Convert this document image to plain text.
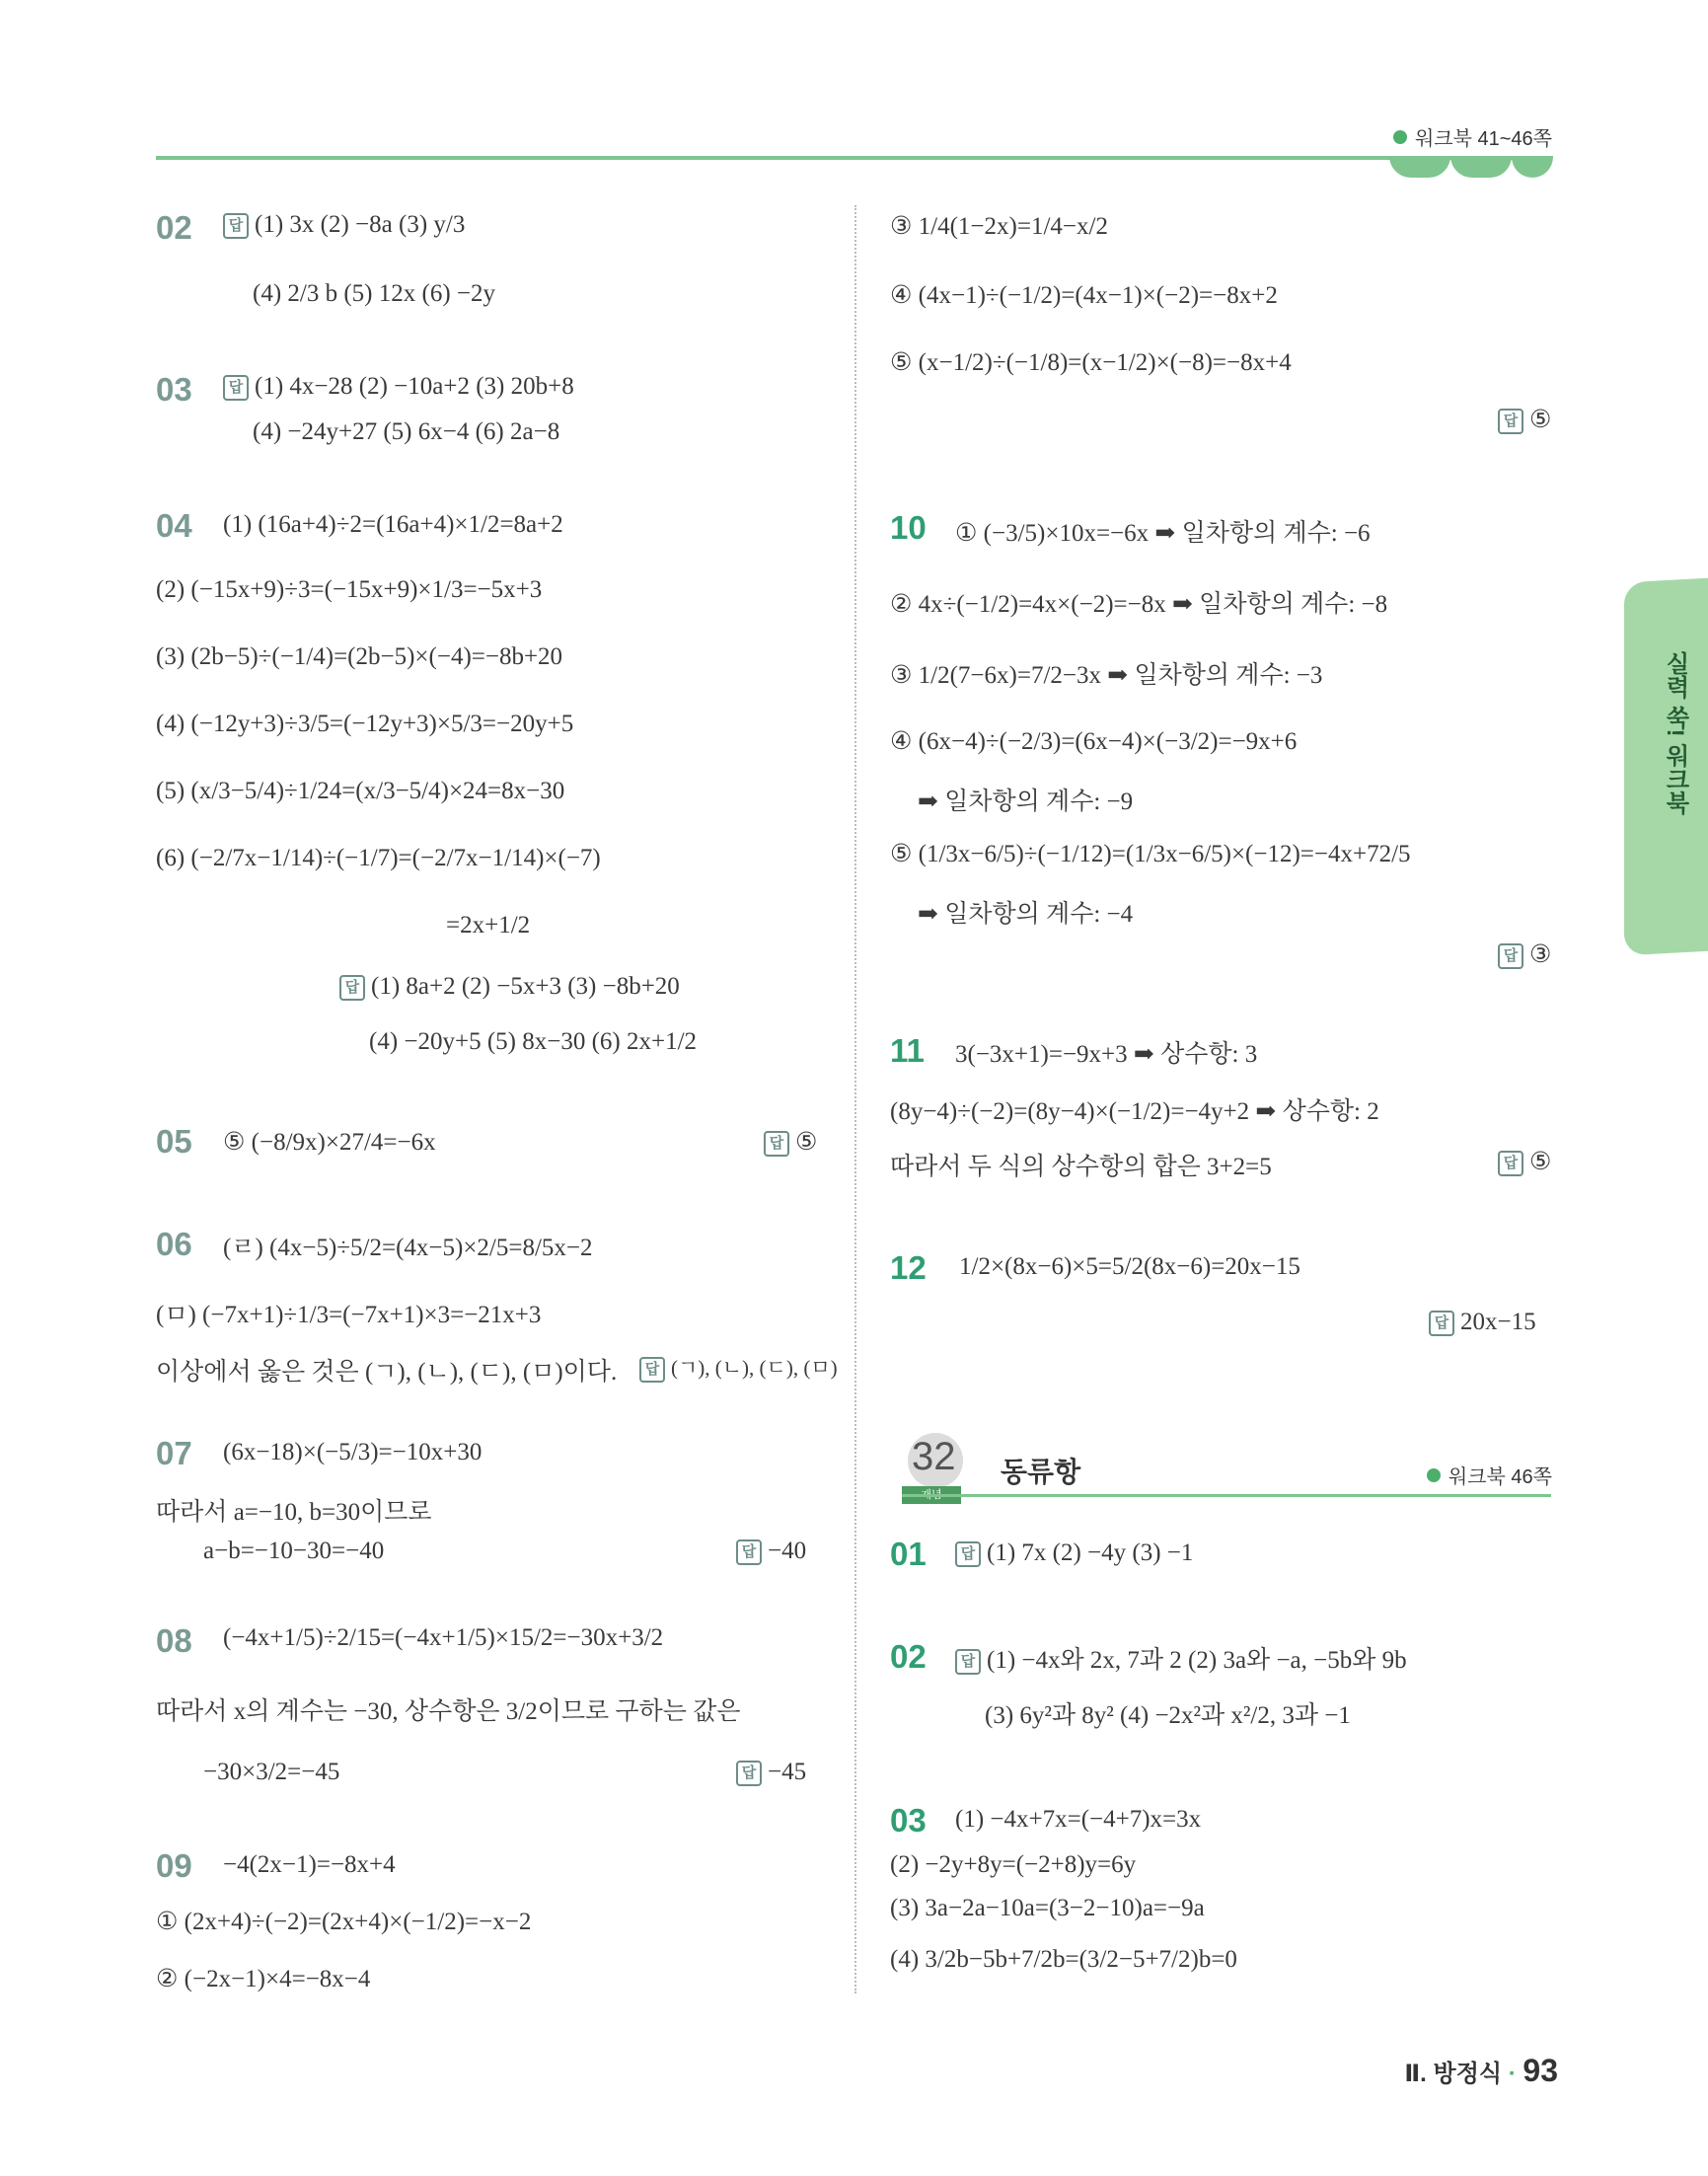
워크북 41~46쪽
실력 쑥! 워크북
02	답 (1) 3x (2) −8a (3) y/3
(4) 2/3 b (5) 12x (6) −2y
03	답 (1) 4x−28 (2) −10a+2 (3) 20b+8
(4) −24y+27 (5) 6x−4 (6) 2a−8
04 (1) (16a+4)÷2=(16a+4)×1/2=8a+2
(2) (−15x+9)÷3=(−15x+9)×1/3=−5x+3
(3) (2b−5)÷(−1/4)=(2b−5)×(−4)=−8b+20
(4) (−12y+3)÷3/5=(−12y+3)×5/3=−20y+5
(5) (x/3−5/4)÷1/24=(x/3−5/4)×24=8x−30
(6) (−2/7x−1/14)÷(−1/7)=(−2/7x−1/14)×(−7)
=2x+1/2
답 (1) 8a+2 (2) −5x+3 (3) −8b+20
(4) −20y+5 (5) 8x−30 (6) 2x+1/2
05 ⑤ (−8/9x)×27/4=−6x	답 ⑤
06 (ㄹ) (4x−5)÷5/2=(4x−5)×2/5=8/5x−2
(ㅁ) (−7x+1)÷1/3=(−7x+1)×3=−21x+3
이상에서 옳은 것은 (ㄱ), (ㄴ), (ㄷ), (ㅁ)이다.	답 (ㄱ), (ㄴ), (ㄷ), (ㅁ)
07 (6x−18)×(−5/3)=−10x+30
따라서 a=−10, b=30이므로
a−b=−10−30=−40	답 −40
08 (−4x+1/5)÷2/15=(−4x+1/5)×15/2=−30x+3/2
따라서 x의 계수는 −30, 상수항은 3/2이므로 구하는 값은
−30×3/2=−45	답 −45
09 −4(2x−1)=−8x+4
① (2x+4)÷(−2)=(2x+4)×(−1/2)=−x−2
② (−2x−1)×4=−8x−4
③ 1/4(1−2x)=1/4−x/2
④ (4x−1)÷(−1/2)=(4x−1)×(−2)=−8x+2
⑤ (x−1/2)÷(−1/8)=(x−1/2)×(−8)=−8x+4
답 ⑤
10 ① (−3/5)×10x=−6x ➡ 일차항의 계수: −6
② 4x÷(−1/2)=4x×(−2)=−8x ➡ 일차항의 계수: −8
③ 1/2(7−6x)=7/2−3x ➡ 일차항의 계수: −3
④ (6x−4)÷(−2/3)=(6x−4)×(−3/2)=−9x+6
➡ 일차항의 계수: −9
⑤ (1/3x−6/5)÷(−1/12)=(1/3x−6/5)×(−12)=−4x+72/5
➡ 일차항의 계수: −4
답 ③
11 3(−3x+1)=−9x+3 ➡ 상수항: 3
(8y−4)÷(−2)=(8y−4)×(−1/2)=−4y+2 ➡ 상수항: 2
따라서 두 식의 상수항의 합은 3+2=5	답 ⑤
12 1/2×(8x−6)×5=5/2(8x−6)=20x−15
답 20x−15
32 동류항	워크북 46쪽
01	답 (1) 7x (2) −4y (3) −1
02	답 (1) −4x와 2x, 7과 2 (2) 3a와 −a, −5b와 9b
(3) 6y²과 8y² (4) −2x²과 x²/2, 3과 −1
03 (1) −4x+7x=(−4+7)x=3x
(2) −2y+8y=(−2+8)y=6y
(3) 3a−2a−10a=(3−2−10)a=−9a
(4) 3/2b−5b+7/2b=(3/2−5+7/2)b=0
Ⅱ. 방정식 · 93
